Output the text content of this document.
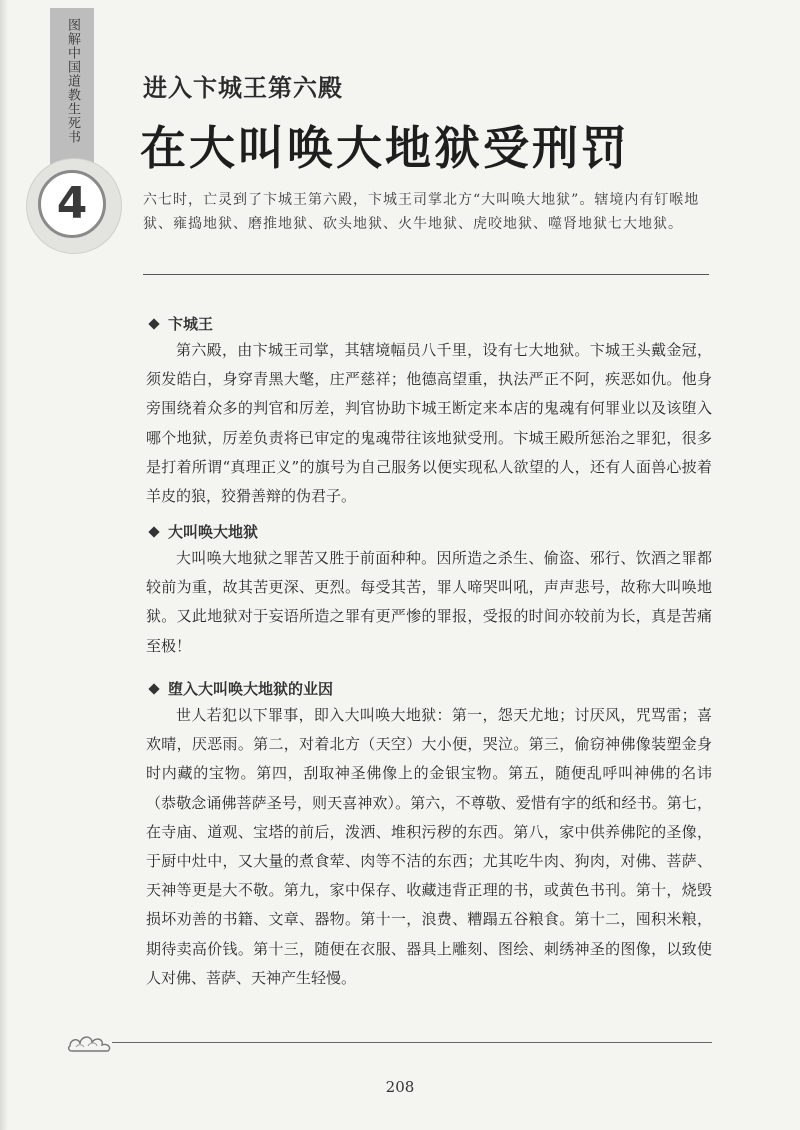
图解中国道教生死书
4
进入卞城王第六殿
在大叫唤大地狱受刑罚
六七时，亡灵到了卞城王第六殿，卞城王司掌北方“大叫唤大地狱”。辖境内有钉喉地狱、雍捣地狱、磨推地狱、砍头地狱、火牛地狱、虎咬地狱、噬肾地狱七大地狱。
卞城王

第六殿，由卞城王司掌，其辖境幅员八千里，设有七大地狱。卞城王头戴金冠，须发皓白，身穿青黑大氅，庄严慈祥；他德高望重，执法严正不阿，疾恶如仇。他身旁围绕着众多的判官和厉差，判官协助卞城王断定来本店的鬼魂有何罪业以及该堕入哪个地狱，厉差负责将已审定的鬼魂带往该地狱受刑。卞城王殿所惩治之罪犯，很多是打着所谓“真理正义”的旗号为自己服务以便实现私人欲望的人，还有人面兽心披着羊皮的狼，狡猾善辩的伪君子。

大叫唤大地狱

大叫唤大地狱之罪苦又胜于前面种种。因所造之杀生、偷盗、邪行、饮酒之罪都较前为重，故其苦更深、更烈。每受其苦，罪人啼哭叫吼，声声悲号，故称大叫唤地狱。又此地狱对于妄语所造之罪有更严惨的罪报，受报的时间亦较前为长，真是苦痛至极！

堕入大叫唤大地狱的业因

世人若犯以下罪事，即入大叫唤大地狱：第一，怨天尤地；讨厌风，咒骂雷；喜欢晴，厌恶雨。第二，对着北方（天空）大小便，哭泣。第三，偷窃神佛像装塑金身时内藏的宝物。第四，刮取神圣佛像上的金银宝物。第五，随便乱呼叫神佛的名讳（恭敬念诵佛菩萨圣号，则天喜神欢）。第六，不尊敬、爱惜有字的纸和经书。第七，在寺庙、道观、宝塔的前后，泼洒、堆积污秽的东西。第八，家中供养佛陀的圣像，于厨中灶中，又大量的煮食荤、肉等不洁的东西；尤其吃牛肉、狗肉，对佛、菩萨、天神等更是大不敬。第九，家中保存、收藏违背正理的书，或黄色书刊。第十，烧毁损坏劝善的书籍、文章、器物。第十一，浪费、糟蹋五谷粮食。第十二，囤积米粮，期待卖高价钱。第十三，随便在衣服、器具上雕刻、图绘、刺绣神圣的图像，以致使人对佛、菩萨、天神产生轻慢。

208
